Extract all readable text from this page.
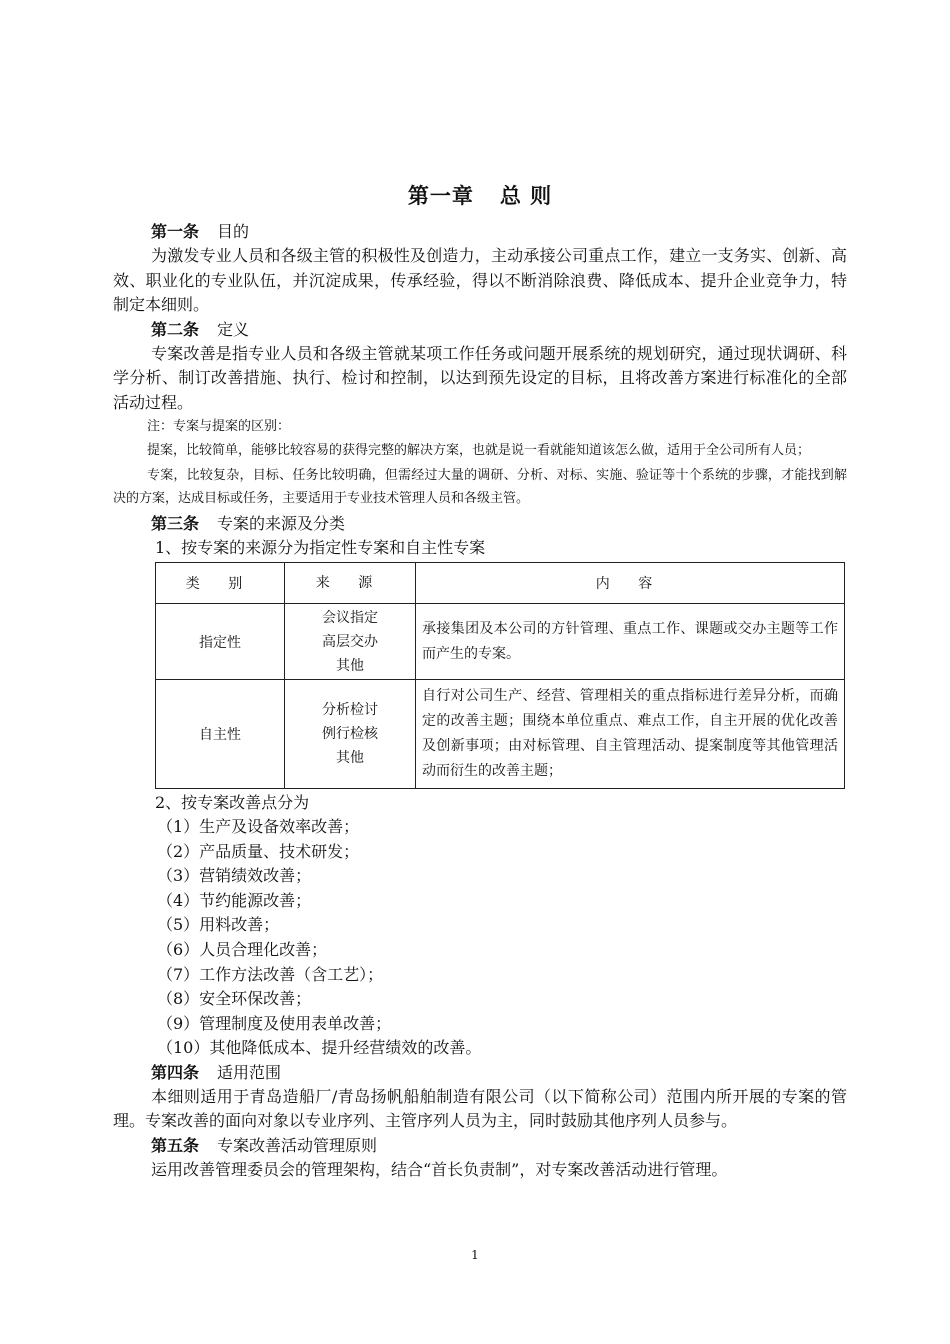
第一章 总 则
第一条 目的
为激发专业人员和各级主管的积极性及创造力，主动承接公司重点工作，建立一支务实、创新、高效、职业化的专业队伍，并沉淀成果，传承经验，得以不断消除浪费、降低成本、提升企业竞争力，特制定本细则。
第二条 定义
专案改善是指专业人员和各级主管就某项工作任务或问题开展系统的规划研究，通过现状调研、科学分析、制订改善措施、执行、检讨和控制，以达到预先设定的目标，且将改善方案进行标准化的全部活动过程。
注：专案与提案的区别：
提案，比较简单，能够比较容易的获得完整的解决方案，也就是说一看就能知道该怎么做，适用于全公司所有人员；
专案，比较复杂，目标、任务比较明确，但需经过大量的调研、分析、对标、实施、验证等十个系统的步骤，才能找到解决的方案，达成目标或任务，主要适用于专业技术管理人员和各级主管。
第三条 专案的来源及分类
1、按专案的来源分为指定性专案和自主性专案
类 别	来 源	内 容
指定性	会议指定
高层交办
其他	承接集团及本公司的方针管理、重点工作、课题或交办主题等工作而产生的专案。
自主性	分析检讨
例行检核
其他	自行对公司生产、经营、管理相关的重点指标进行差异分析，而确定的改善主题；围绕本单位重点、难点工作，自主开展的优化改善及创新事项；由对标管理、自主管理活动、提案制度等其他管理活动而衍生的改善主题；
2、按专案改善点分为
（1）生产及设备效率改善；
（2）产品质量、技术研发；
（3）营销绩效改善；
（4）节约能源改善；
（5）用料改善；
（6）人员合理化改善；
（7）工作方法改善（含工艺）；
（8）安全环保改善；
（9）管理制度及使用表单改善；
（10）其他降低成本、提升经营绩效的改善。
第四条 适用范围
本细则适用于青岛造船厂/青岛扬帆船舶制造有限公司（以下简称公司）范围内所开展的专案的管理。专案改善的面向对象以专业序列、主管序列人员为主，同时鼓励其他序列人员参与。
第五条 专案改善活动管理原则
运用改善管理委员会的管理架构，结合“首长负责制”，对专案改善活动进行管理。
1
